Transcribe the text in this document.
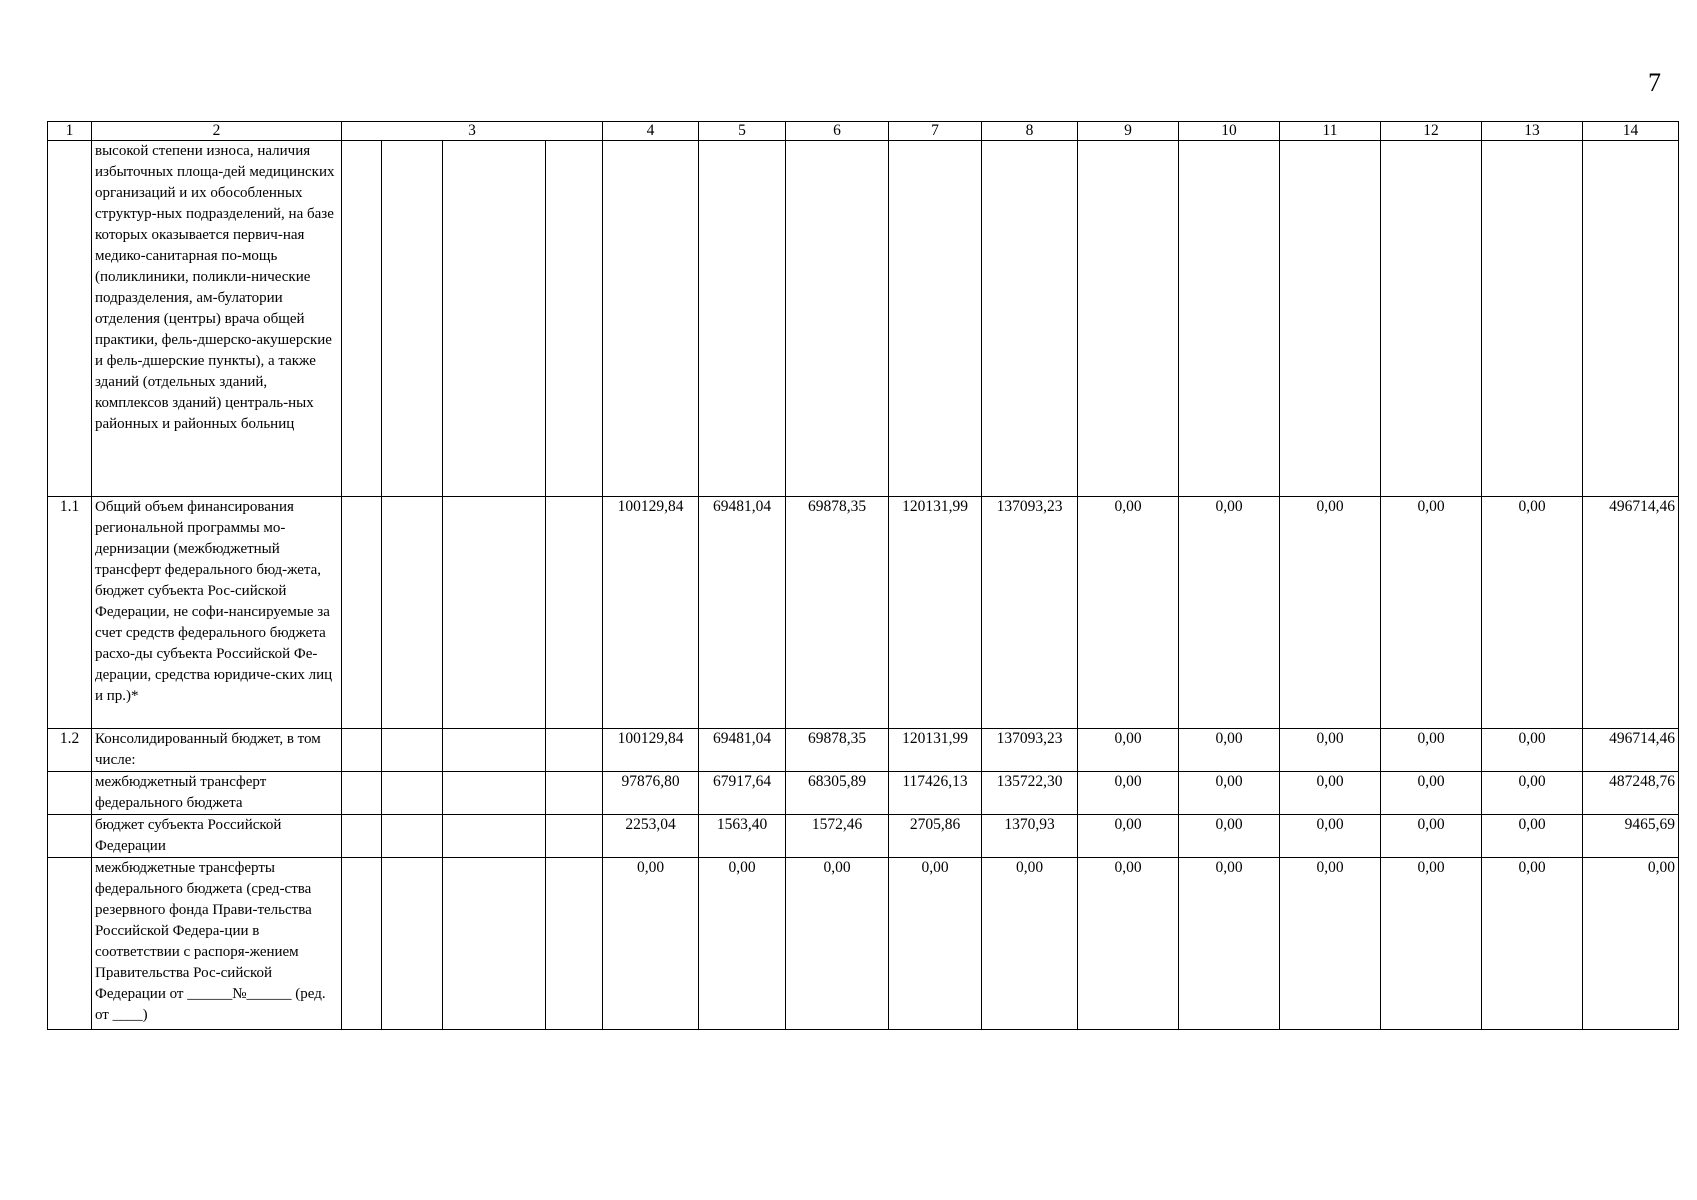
7
1	2	3				4	5	6	7	8	9	10	11	12	13	14
	высокой степени износа, наличия избыточных площа-дей медицинских организаций и их обособленных структур-ных подразделений, на базе которых оказывается первич-ная медико-санитарная по-мощь (поликлиники, поликли-нические подразделения, ам-булатории отделения (центры) врача общей практики, фель-дшерско-акушерские и фель-дшерские пункты), а также зданий (отдельных зданий, комплексов зданий) централь-ных районных и районных больниц															
1.1	Общий объем финансирования региональной программы мо-дернизации (межбюджетный трансферт федерального бюд-жета, бюджет субъекта Рос-сийской Федерации, не софи-нансируемые за счет средств федерального бюджета расхо-ды субъекта Российской Фе-дерации, средства юридиче-ских лиц и пр.)*					100129,84	69481,04	69878,35	120131,99	137093,23	0,00	0,00	0,00	0,00	0,00	496714,46
1.2	Консолидированный бюджет, в том числе:					100129,84	69481,04	69878,35	120131,99	137093,23	0,00	0,00	0,00	0,00	0,00	496714,46
	межбюджетный трансферт федерального бюджета					97876,80	67917,64	68305,89	117426,13	135722,30	0,00	0,00	0,00	0,00	0,00	487248,76
	бюджет субъекта Российской Федерации					2253,04	1563,40	1572,46	2705,86	1370,93	0,00	0,00	0,00	0,00	0,00	9465,69
	межбюджетные трансферты федерального бюджета (сред-ства резервного фонда Прави-тельства Российской Федера-ции в соответствии с распоря-жением Правительства Рос-сийской Федерации от ______№______ (ред. от ____)					0,00	0,00	0,00	0,00	0,00	0,00	0,00	0,00	0,00	0,00	0,00
